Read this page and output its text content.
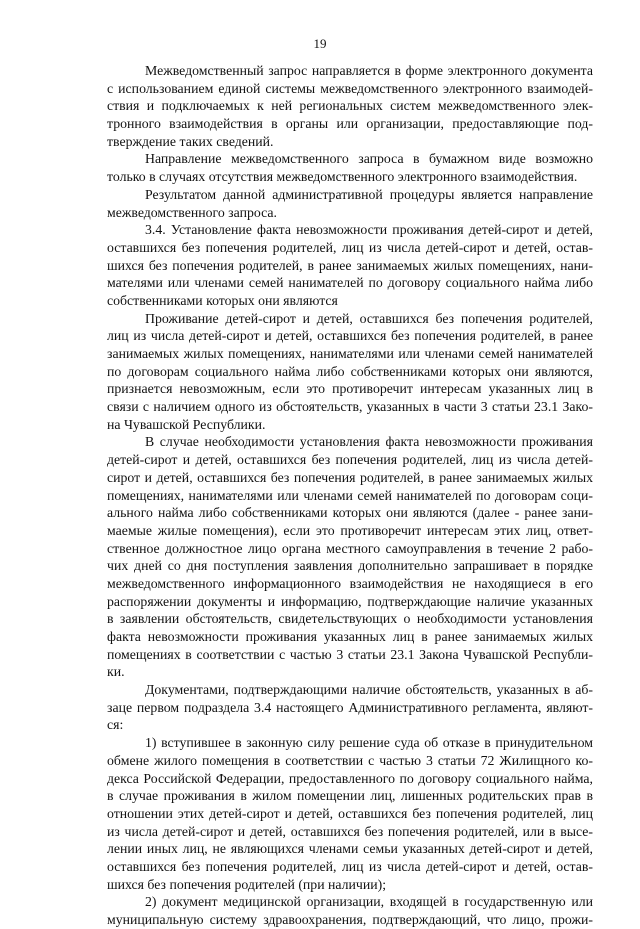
19
Межведомственный запрос направляется в форме электронного документа
с использованием единой системы межведомственного электронного взаимодей-
ствия и подключаемых к ней региональных систем межведомственного элек-
тронного взаимодействия в органы или организации, предоставляющие под-
тверждение таких сведений.
Направление межведомственного запроса в бумажном виде возможно
только в случаях отсутствия межведомственного электронного взаимодействия.
Результатом данной административной процедуры является направление
межведомственного запроса.
3.4. Установление факта невозможности проживания детей-сирот и детей,
оставшихся без попечения родителей, лиц из числа детей-сирот и детей, остав-
шихся без попечения родителей, в ранее занимаемых жилых помещениях, нани-
мателями или членами семей нанимателей по договору социального найма либо
собственниками которых они являются
Проживание детей-сирот и детей, оставшихся без попечения родителей,
лиц из числа детей-сирот и детей, оставшихся без попечения родителей, в ранее
занимаемых жилых помещениях, нанимателями или членами семей нанимателей
по договорам социального найма либо собственниками которых они являются,
признается невозможным, если это противоречит интересам указанных лиц в
связи с наличием одного из обстоятельств, указанных в части 3 статьи 23.1 Зако-
на Чувашской Республики.
В случае необходимости установления факта невозможности проживания
детей-сирот и детей, оставшихся без попечения родителей, лиц из числа детей-
сирот и детей, оставшихся без попечения родителей, в ранее занимаемых жилых
помещениях, нанимателями или членами семей нанимателей по договорам соци-
ального найма либо собственниками которых они являются (далее - ранее зани-
маемые жилые помещения), если это противоречит интересам этих лиц, ответ-
ственное должностное лицо органа местного самоуправления в течение 2 рабо-
чих дней со дня поступления заявления дополнительно запрашивает в порядке
межведомственного информационного взаимодействия не находящиеся в его
распоряжении документы и информацию, подтверждающие наличие указанных
в заявлении обстоятельств, свидетельствующих о необходимости установления
факта невозможности проживания указанных лиц в ранее занимаемых жилых
помещениях в соответствии с частью 3 статьи 23.1 Закона Чувашской Республи-
ки.
Документами, подтверждающими наличие обстоятельств, указанных в аб-
заце первом подраздела 3.4 настоящего Административного регламента, являют-
ся:
1) вступившее в законную силу решение суда об отказе в принудительном
обмене жилого помещения в соответствии с частью 3 статьи 72 Жилищного ко-
декса Российской Федерации, предоставленного по договору социального найма,
в случае проживания в жилом помещении лиц, лишенных родительских прав в
отношении этих детей-сирот и детей, оставшихся без попечения родителей, лиц
из числа детей-сирот и детей, оставшихся без попечения родителей, или в высе-
лении иных лиц, не являющихся членами семьи указанных детей-сирот и детей,
оставшихся без попечения родителей, лиц из числа детей-сирот и детей, остав-
шихся без попечения родителей (при наличии);
2) документ медицинской организации, входящей в государственную или
муниципальную систему здравоохранения, подтверждающий, что лицо, прожи-
